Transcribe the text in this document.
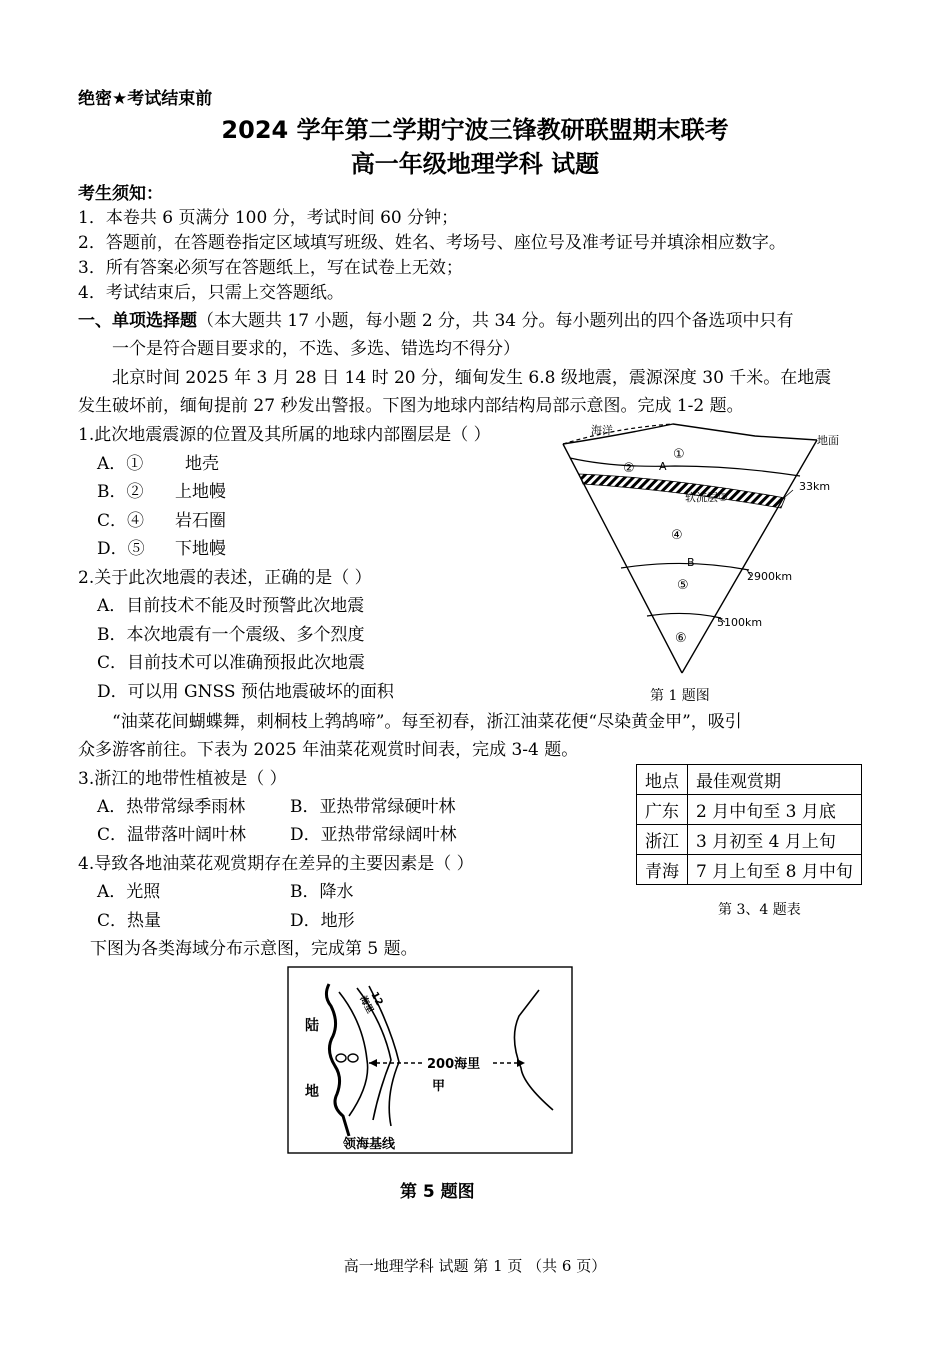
绝密★考试结束前
2024 学年第二学期宁波三锋教研联盟期末联考
高一年级地理学科 试题
考生须知：
1．本卷共 6 页满分 100 分，考试时间 60 分钟；
2．答题前，在答题卷指定区域填写班级、姓名、考场号、座位号及准考证号并填涂相应数字。
3．所有答案必须写在答题纸上，写在试卷上无效；
4．考试结束后，只需上交答题纸。
一、单项选择题（本大题共 17 小题，每小题 2 分，共 34 分。每小题列出的四个备选项中只有
一个是符合题目要求的，不选、多选、错选均不得分）
北京时间 2025 年 3 月 28 日 14 时 20 分，缅甸发生 6.8 级地震，震源深度 30 千米。在地震
发生破坏前，缅甸提前 27 秒发出警报。下图为地球内部结构局部示意图。完成 1-2 题。
1.此次地震震源的位置及其所属的地球内部圈层是（ ）
A．① 地壳
B．② 上地幔
C．④ 岩石圈
D．⑤ 下地幔
2.关于此次地震的表述，正确的是（ ）
A．目前技术不能及时预警此次地震
B．本次地震有一个震级、多个烈度
C．目前技术可以准确预报此次地震
D．可以用 GNSS 预估地震破坏的面积
海洋
地面
①
② A
软流层③
33km
④
B
⑤
2900km
5100km
⑥
第 1 题图
“油菜花间蝴蝶舞，刺桐枝上鹁鸪啼”。每至初春，浙江油菜花便“尽染黄金甲”，吸引
众多游客前往。下表为 2025 年油菜花观赏时间表，完成 3-4 题。
3.浙江的地带性植被是（ ）
A．热带常绿季雨林	B．亚热带常绿硬叶林
C．温带落叶阔叶林	D．亚热带常绿阔叶林
4.导致各地油菜花观赏期存在差异的主要因素是（ ）
A．光照	B．降水
C．热量	D．地形
地点	最佳观赏期
广东	2 月中旬至 3 月底
浙江	3 月初至 4 月上旬
青海	7 月上旬至 8 月中旬
第 3、4 题表
下图为各类海域分布示意图，完成第 5 题。
12
海里
陆
地
200海里
甲
领海基线
第 5 题图
高一地理学科 试题 第 1 页 （共 6 页）
